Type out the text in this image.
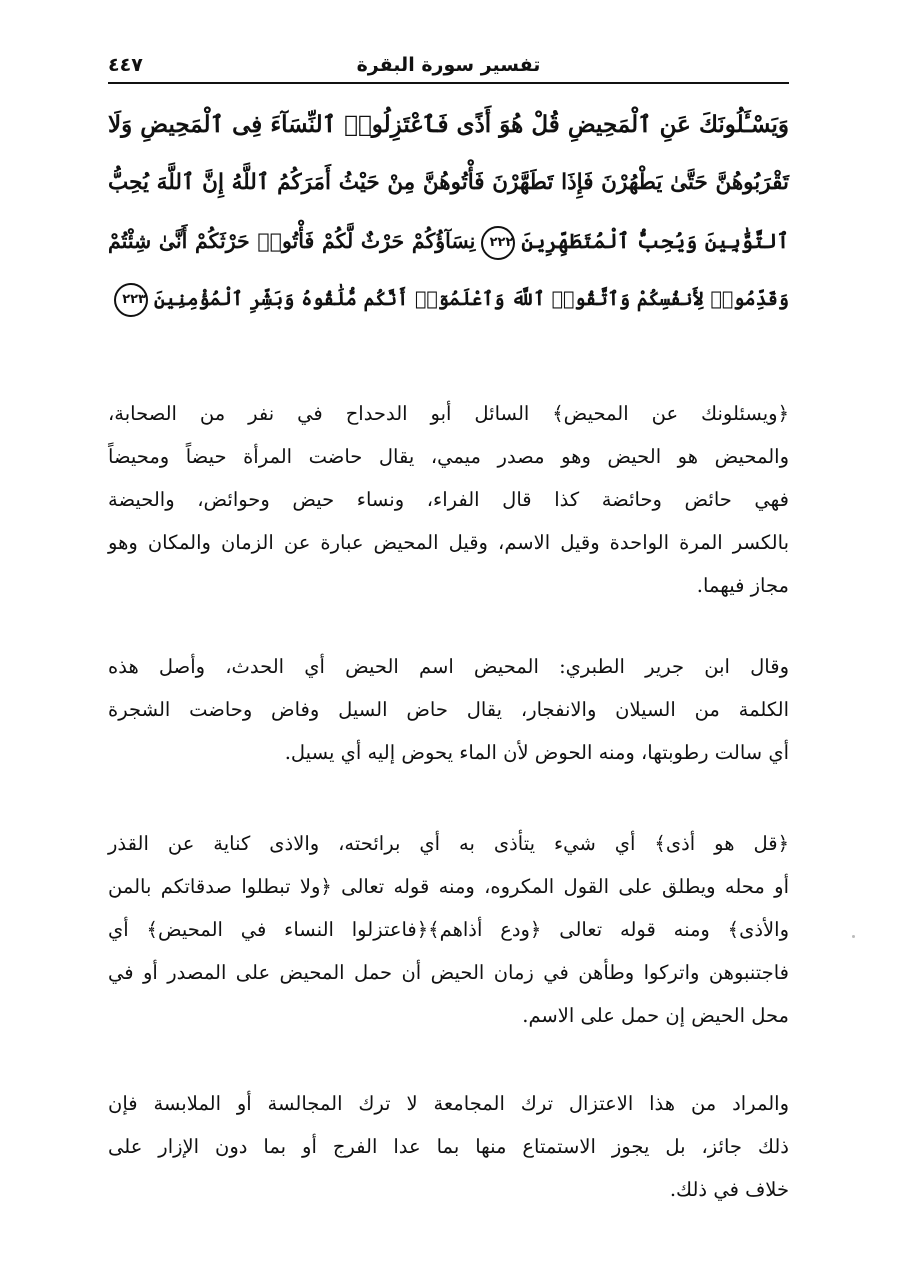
تفسير سورة البقرة
٤٤٧
وَيَسْـَٔلُونَكَ عَنِ ٱلْمَحِيضِ قُلْ هُوَ أَذًى فَٱعْتَزِلُوا۟ ٱلنِّسَآءَ فِى ٱلْمَحِيضِ وَلَا
تَقْرَبُوهُنَّ حَتَّىٰ يَطْهُرْنَ فَإِذَا تَطَهَّرْنَ فَأْتُوهُنَّ مِنْ حَيْثُ أَمَرَكُمُ ٱللَّهُ إِنَّ ٱللَّهَ يُحِبُّ
ٱلتَّوَّٰبِينَ وَيُحِبُّ ٱلْمُتَطَهِّرِينَ٢٢٢نِسَآؤُكُمْ حَرْثٌ لَّكُمْ فَأْتُوا۟ حَرْثَكُمْ أَنَّىٰ شِئْتُمْ
وَقَدِّمُوا۟ لِأَنفُسِكُمْ وَٱتَّقُوا۟ ٱللَّهَ وَٱعْلَمُوٓا۟ أَنَّكُم مُّلَٰقُوهُ وَبَشِّرِ ٱلْمُؤْمِنِينَ٢٢٣
﴿ويسئلونك عن المحيض﴾ السائل أبو الدحداح في نفر من الصحابة،
والمحيض هو الحيض وهو مصدر ميمي، يقال حاضت المرأة حيضاً ومحيضاً
فهي حائض وحائضة كذا قال الفراء، ونساء حيض وحوائض، والحيضة
بالكسر المرة الواحدة وقيل الاسم، وقيل المحيض عبارة عن الزمان والمكان وهو
مجاز فيهما.
وقال ابن جرير الطبري: المحيض اسم الحيض أي الحدث، وأصل هذه
الكلمة من السيلان والانفجار، يقال حاض السيل وفاض وحاضت الشجرة
أي سالت رطوبتها، ومنه الحوض لأن الماء يحوض إليه أي يسيل.
﴿قل هو أذى﴾ أي شيء يتأذى به أي برائحته، والاذى كناية عن القذر
أو محله ويطلق على القول المكروه، ومنه قوله تعالى ﴿ولا تبطلوا صدقاتكم بالمن
والأذى﴾ ومنه قوله تعالى ﴿ودع أذاهم﴾﴿فاعتزلوا النساء في المحيض﴾ أي
فاجتنبوهن واتركوا وطأهن في زمان الحيض أن حمل المحيض على المصدر أو في
محل الحيض إن حمل على الاسم.
والمراد من هذا الاعتزال ترك المجامعة لا ترك المجالسة أو الملابسة فإن
ذلك جائز، بل يجوز الاستمتاع منها بما عدا الفرج أو بما دون الإزار على
خلاف في ذلك.
